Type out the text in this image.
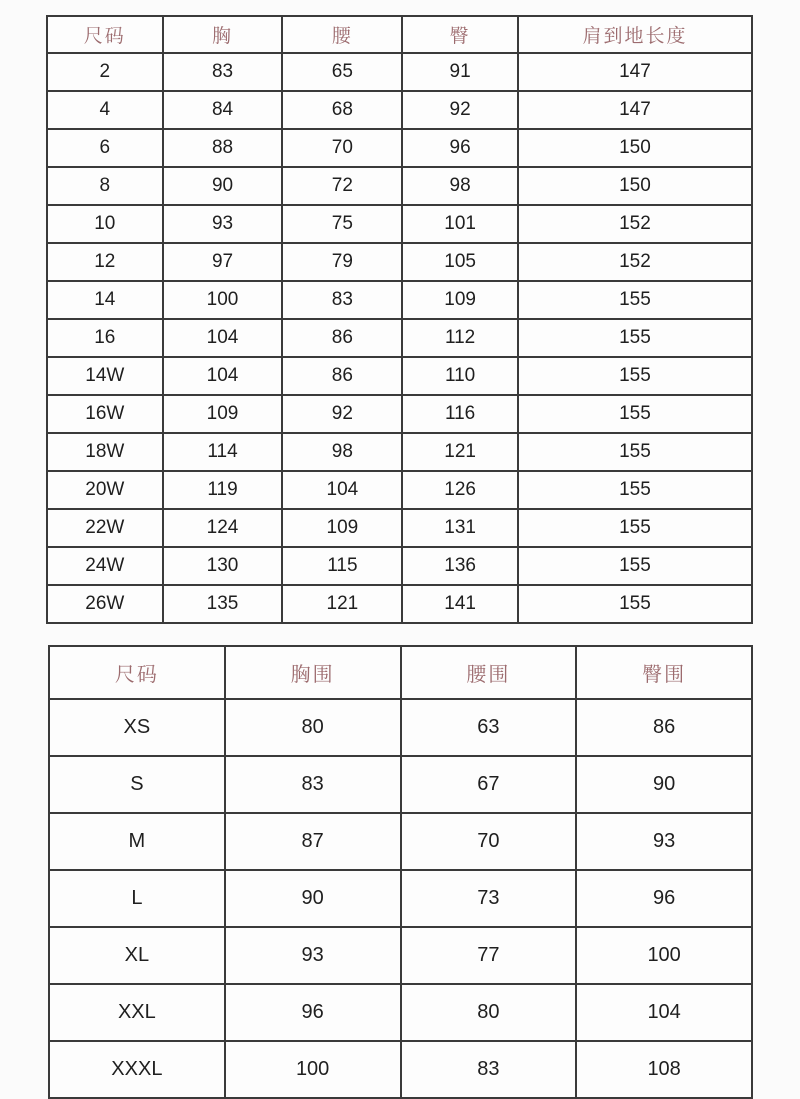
尺码	胸	腰	臀	肩到地长度
2	83	65	91	147
4	84	68	92	147
6	88	70	96	150
8	90	72	98	150
10	93	75	101	152
12	97	79	105	152
14	100	83	109	155
16	104	86	112	155
14W	104	86	110	155
16W	109	92	116	155
18W	114	98	121	155
20W	119	104	126	155
22W	124	109	131	155
24W	130	115	136	155
26W	135	121	141	155
尺码	胸围	腰围	臀围
XS	80	63	86
S	83	67	90
M	87	70	93
L	90	73	96
XL	93	77	100
XXL	96	80	104
XXXL	100	83	108
